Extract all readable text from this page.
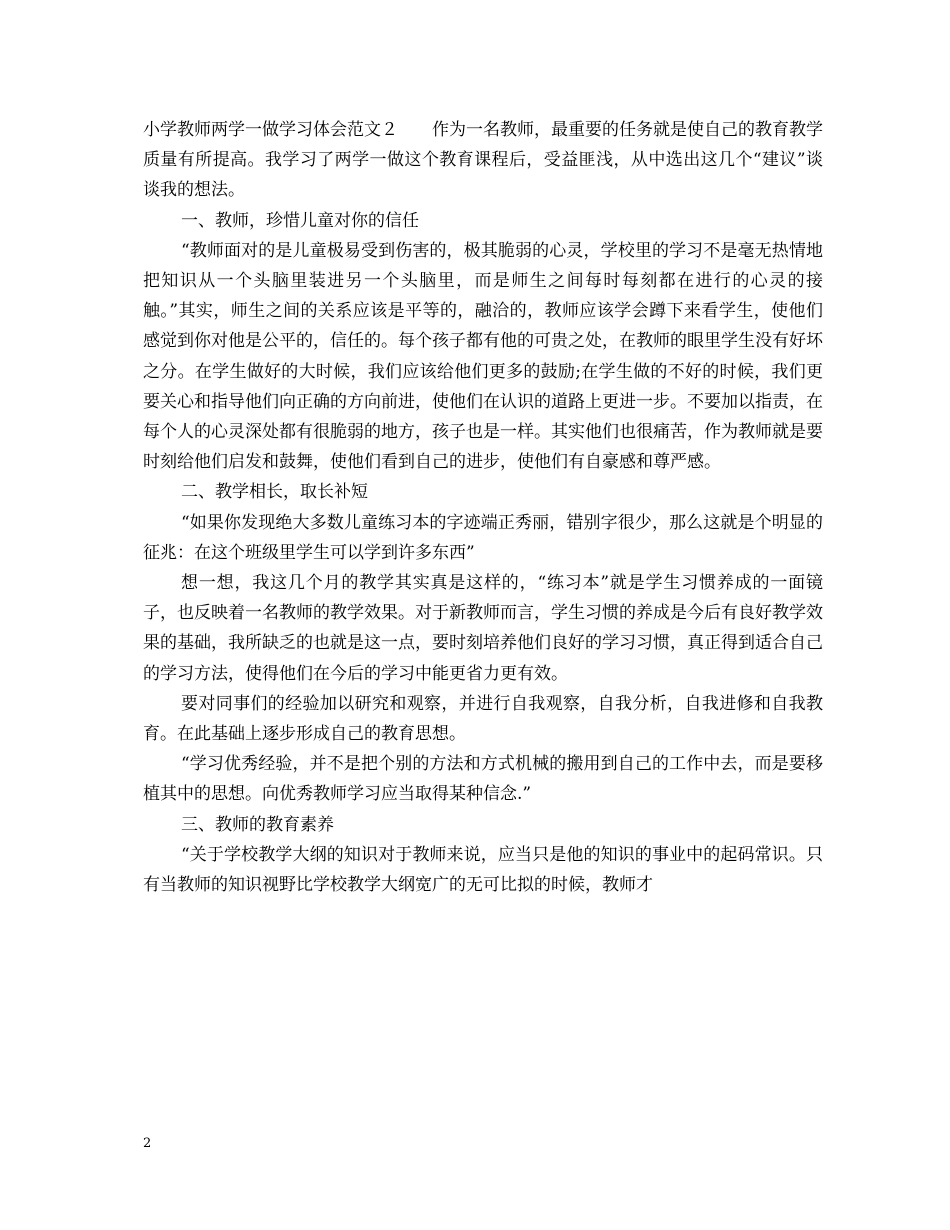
小学教师两学一做学习体会范文２　　作为一名教师，最重要的任务就是使自己的教育教学质量有所提高。我学习了两学一做这个教育课程后，受益匪浅，从中选出这几个“建议”谈谈我的想法。

一、教师，珍惜儿童对你的信任

“教师面对的是儿童极易受到伤害的，极其脆弱的心灵，学校里的学习不是毫无热情地把知识从一个头脑里装进另一个头脑里，而是师生之间每时每刻都在进行的心灵的接触。”其实，师生之间的关系应该是平等的，融洽的，教师应该学会蹲下来看学生，使他们感觉到你对他是公平的，信任的。每个孩子都有他的可贵之处，在教师的眼里学生没有好坏之分。在学生做好的大时候，我们应该给他们更多的鼓励;在学生做的不好的时候，我们更要关心和指导他们向正确的方向前进，使他们在认识的道路上更进一步。不要加以指责，在每个人的心灵深处都有很脆弱的地方，孩子也是一样。其实他们也很痛苦，作为教师就是要时刻给他们启发和鼓舞，使他们看到自己的进步，使他们有自豪感和尊严感。

二、教学相长，取长补短

“如果你发现绝大多数儿童练习本的字迹端正秀丽，错别字很少，那么这就是个明显的征兆：在这个班级里学生可以学到许多东西”

想一想，我这几个月的教学其实真是这样的，“练习本”就是学生习惯养成的一面镜子，也反映着一名教师的教学效果。对于新教师而言，学生习惯的养成是今后有良好教学效果的基础，我所缺乏的也就是这一点，要时刻培养他们良好的学习习惯，真正得到适合自己的学习方法，使得他们在今后的学习中能更省力更有效。

要对同事们的经验加以研究和观察，并进行自我观察，自我分析，自我进修和自我教育。在此基础上逐步形成自己的教育思想。

“学习优秀经验，并不是把个别的方法和方式机械的搬用到自己的工作中去，而是要移植其中的思想。向优秀教师学习应当取得某种信念.”

三、教师的教育素养

“关于学校教学大纲的知识对于教师来说，应当只是他的知识的事业中的起码常识。只有当教师的知识视野比学校教学大纲宽广的无可比拟的时候，教师才

2
